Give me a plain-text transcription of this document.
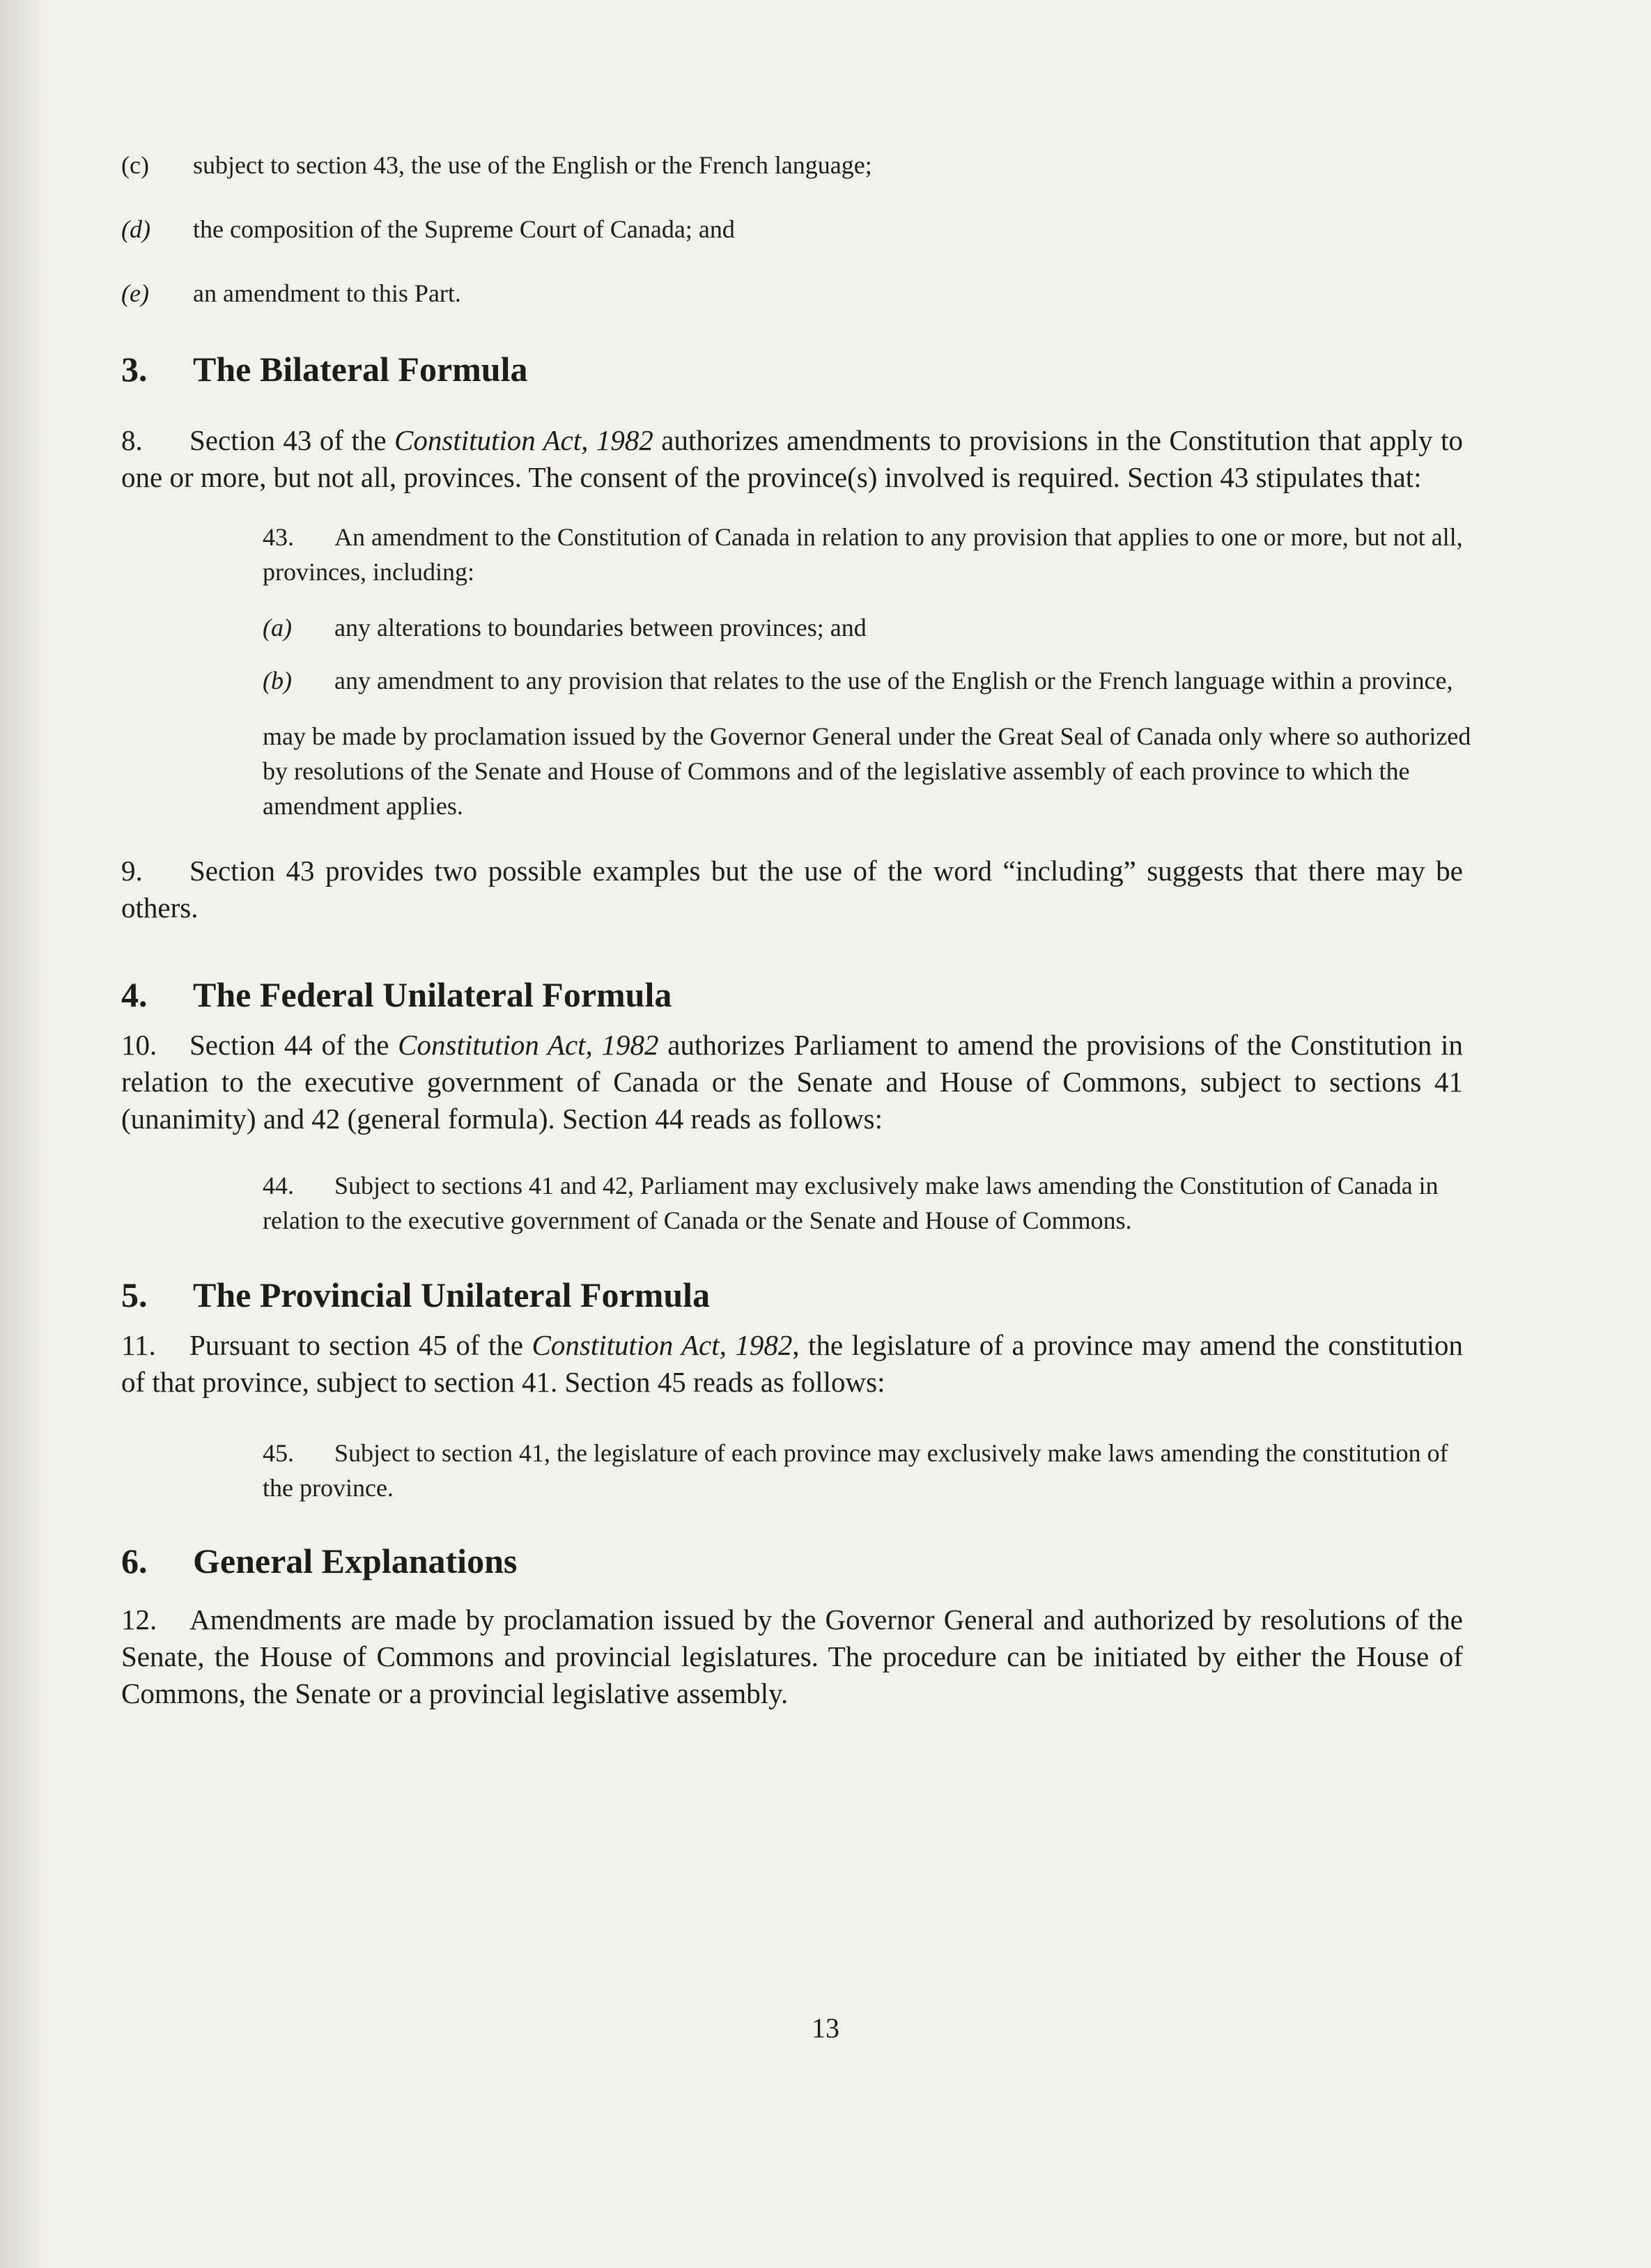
(c)	subject to section 43, the use of the English or the French language;
(d)	the composition of the Supreme Court of Canada; and
(e)	an amendment to this Part.
3.	The Bilateral Formula

8. Section 43 of the Constitution Act, 1982 authorizes amendments to provisions in the Constitution that apply to one or more, but not all, provinces. The consent of the province(s) involved is required. Section 43 stipulates that:

43. An amendment to the Constitution of Canada in relation to any provision that applies to one or more, but not all, provinces, including:
(a)	any alterations to boundaries between provinces; and
(b)	any amendment to any provision that relates to the use of the English or the French language within a province,
may be made by proclamation issued by the Governor General under the Great Seal of Canada only where so authorized by resolutions of the Senate and House of Commons and of the legislative assembly of each province to which the amendment applies.

9. Section 43 provides two possible examples but the use of the word “including” suggests that there may be others.

4.	The Federal Unilateral Formula

10. Section 44 of the Constitution Act, 1982 authorizes Parliament to amend the provisions of the Constitution in relation to the executive government of Canada or the Senate and House of Commons, subject to sections 41 (unanimity) and 42 (general formula). Section 44 reads as follows:

44. Subject to sections 41 and 42, Parliament may exclusively make laws amending the Constitution of Canada in relation to the executive government of Canada or the Senate and House of Commons.
5.	The Provincial Unilateral Formula

11. Pursuant to section 45 of the Constitution Act, 1982, the legislature of a province may amend the constitution of that province, subject to section 41. Section 45 reads as follows:

45. Subject to section 41, the legislature of each province may exclusively make laws amending the constitution of the province.
6.	General Explanations

12. Amendments are made by proclamation issued by the Governor General and authorized by resolutions of the Senate, the House of Commons and provincial legislatures. The procedure can be initiated by either the House of Commons, the Senate or a provincial legislative assembly.

13
